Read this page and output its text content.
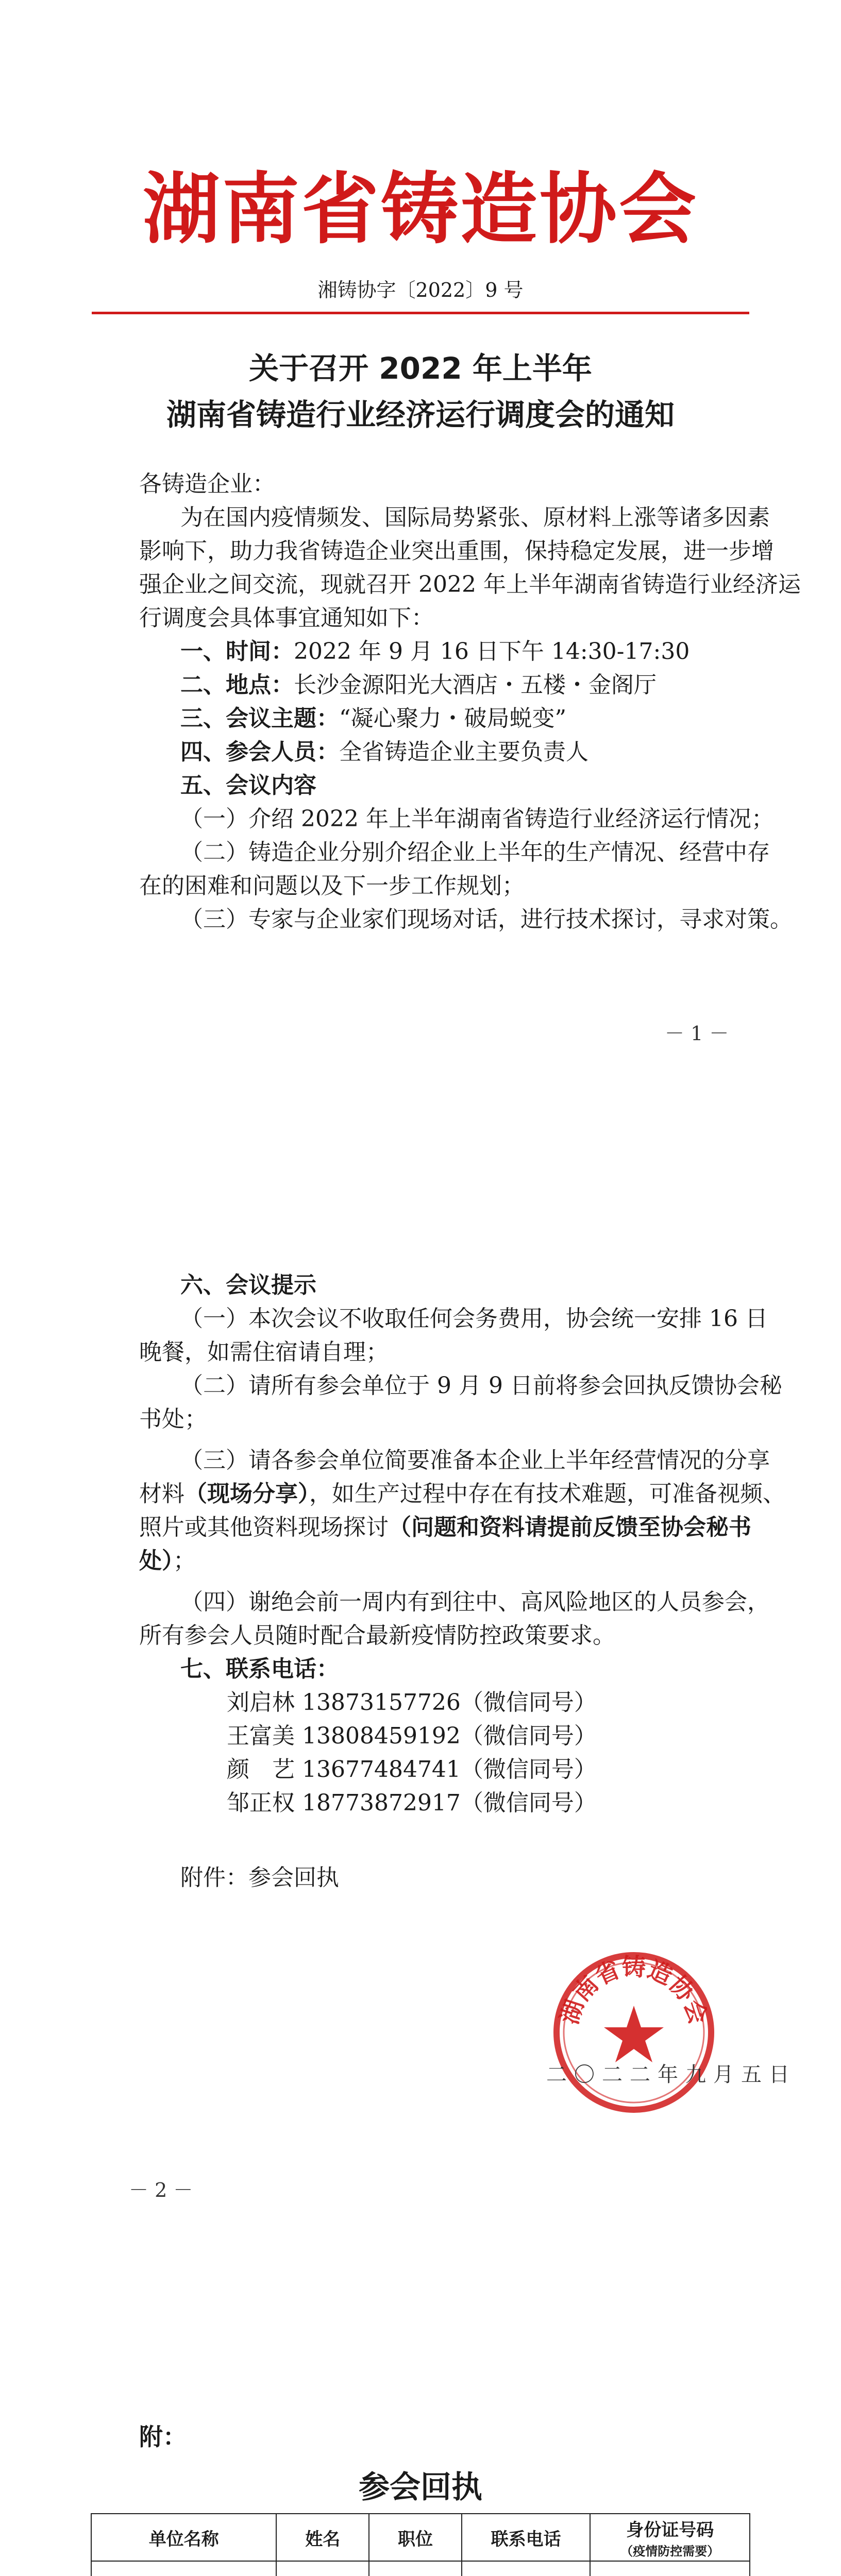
湖南省铸造协会
湘铸协字〔2022〕9 号
关于召开 2022 年上半年
湖南省铸造行业经济运行调度会的通知
各铸造企业：
为在国内疫情频发、国际局势紧张、原材料上涨等诸多因素
影响下，助力我省铸造企业突出重围，保持稳定发展，进一步增
强企业之间交流，现就召开 2022 年上半年湖南省铸造行业经济运
行调度会具体事宜通知如下：
一、时间：2022 年 9 月 16 日下午 14:30-17:30
二、地点：长沙金源阳光大酒店・五楼・金阁厅
三、会议主题：“凝心聚力・破局蜕变”
四、参会人员：全省铸造企业主要负责人
五、会议内容
（一）介绍 2022 年上半年湖南省铸造行业经济运行情况；
（二）铸造企业分别介绍企业上半年的生产情况、经营中存
在的困难和问题以及下一步工作规划；
（三）专家与企业家们现场对话，进行技术探讨，寻求对策。
－ 1 －
六、会议提示
（一）本次会议不收取任何会务费用，协会统一安排 16 日
晚餐，如需住宿请自理；
（二）请所有参会单位于 9 月 9 日前将参会回执反馈协会秘
书处；
（三）请各参会单位简要准备本企业上半年经营情况的分享
材料（现场分享），如生产过程中存在有技术难题，可准备视频、
照片或其他资料现场探讨（问题和资料请提前反馈至协会秘书
处）；
（四）谢绝会前一周内有到往中、高风险地区的人员参会，
所有参会人员随时配合最新疫情防控政策要求。
七、联系电话：
刘启林 13873157726（微信同号）
王富美 13808459192（微信同号）
颜　艺 13677484741（微信同号）
邹正权 18773872917（微信同号）
附件：参会回执
湖南省铸造协会
二〇二二年九月五日
－ 2 －
附：
参会回执
单位名称	姓名	职位	联系电话	身份证号码
（疫情防控需要）
